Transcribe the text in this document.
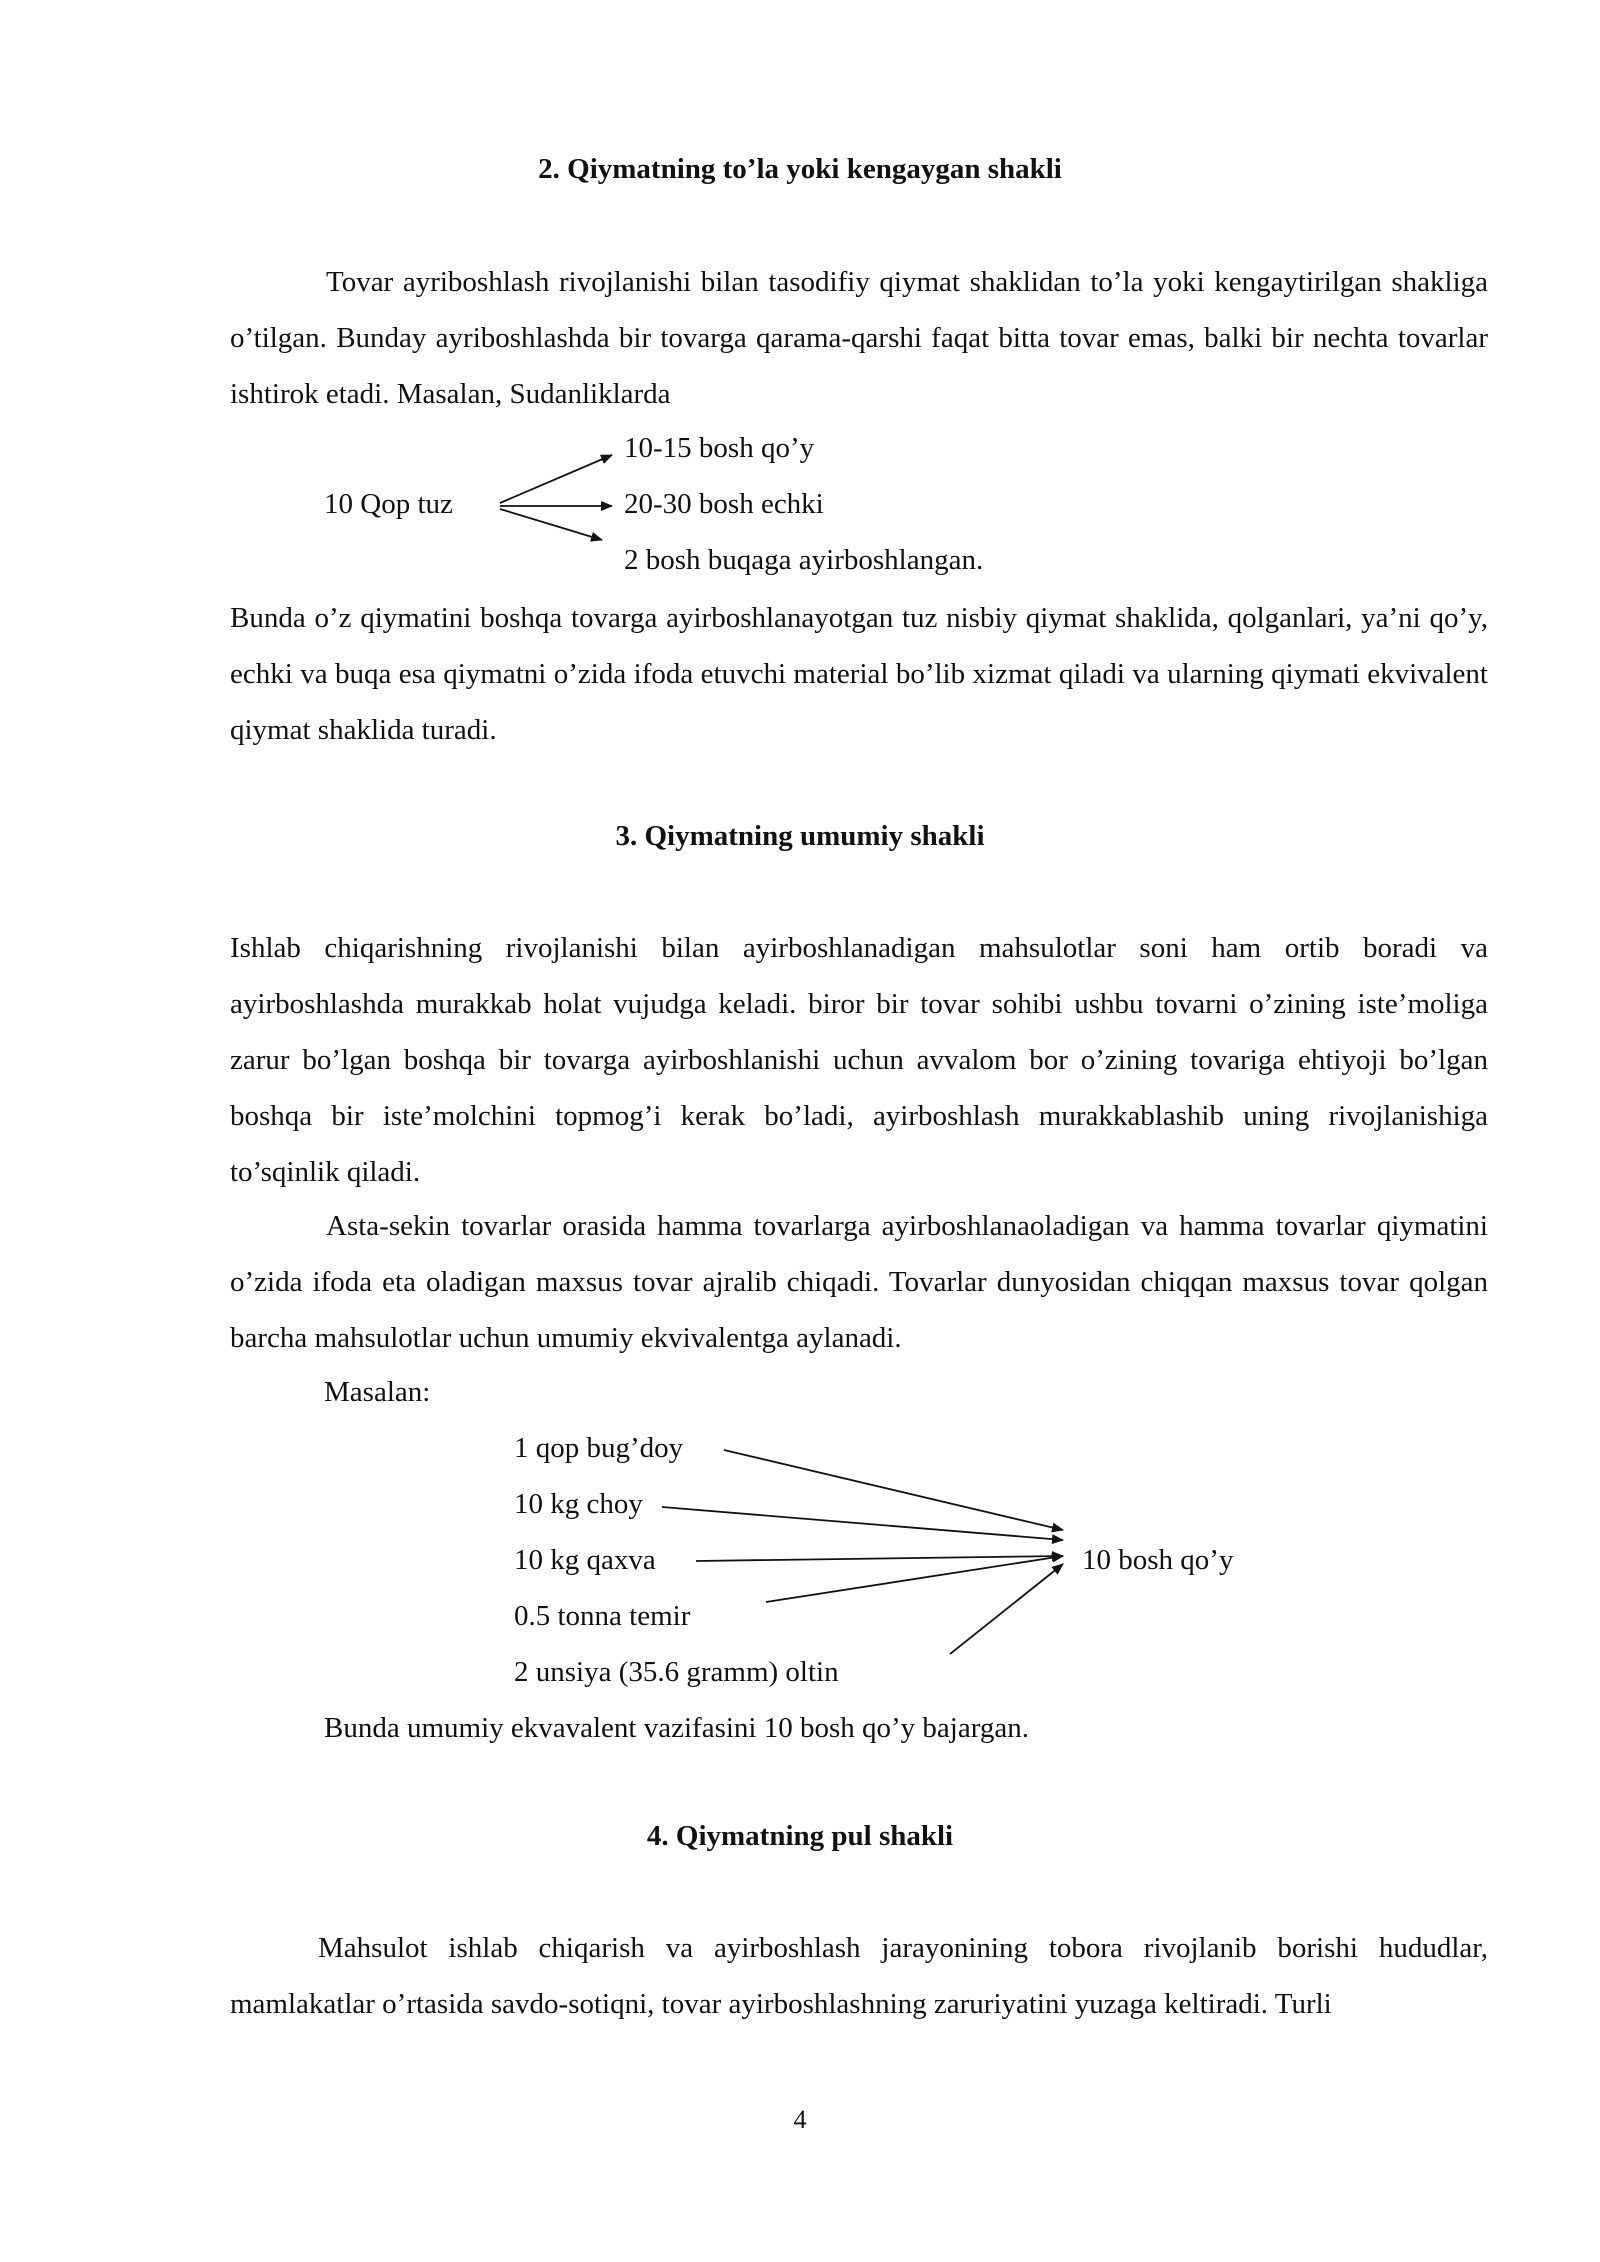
2. Qiymatning to’la yoki kengaygan shakli

Tovar ayriboshlash rivojlanishi bilan tasodifiy qiymat shaklidan to’la yoki kengaytirilgan shakliga o’tilgan. Bunday ayriboshlashda bir tovarga qarama-qarshi faqat bitta tovar emas, balki bir nechta tovarlar ishtirok etadi. Masalan, Sudanliklarda

10-15 bosh qo’y
10 Qop tuz	20-30 bosh echki
2 bosh buqaga ayirboshlangan.

Bunda o’z qiymatini boshqa tovarga ayirboshlanayotgan tuz nisbiy qiymat shaklida, qolganlari, ya’ni qo’y, echki va buqa esa qiymatni o’zida ifoda etuvchi material bo’lib xizmat qiladi va ularning qiymati ekvivalent qiymat shaklida turadi.

3. Qiymatning umumiy shakli

Ishlab chiqarishning rivojlanishi bilan ayirboshlanadigan mahsulotlar soni ham ortib boradi va ayirboshlashda murakkab holat vujudga keladi. biror bir tovar sohibi ushbu tovarni o’zining iste’moliga zarur bo’lgan boshqa bir tovarga ayirboshlanishi uchun avvalom bor o’zining tovariga ehtiyoji bo’lgan boshqa bir iste’molchini topmog’i kerak bo’ladi, ayirboshlash murakkablashib uning rivojlanishiga to’sqinlik qiladi.

Asta-sekin tovarlar orasida hamma tovarlarga ayirboshlanaoladigan va hamma tovarlar qiymatini o’zida ifoda eta oladigan maxsus tovar ajralib chiqadi. Tovarlar dunyosidan chiqqan maxsus tovar qolgan barcha mahsulotlar uchun umumiy ekvivalentga aylanadi.

Masalan:
1 qop bug’doy
10 kg choy
10 kg qaxva	10 bosh qo’y
0.5 tonna temir
2 unsiya (35.6 gramm) oltin
Bunda umumiy ekvavalent vazifasini 10 bosh qo’y bajargan.
4. Qiymatning pul shakli

Mahsulot ishlab chiqarish va ayirboshlash jarayonining tobora rivojlanib borishi hududlar, mamlakatlar o’rtasida savdo-sotiqni, tovar ayirboshlashning zaruriyatini yuzaga keltiradi. Turli

4
